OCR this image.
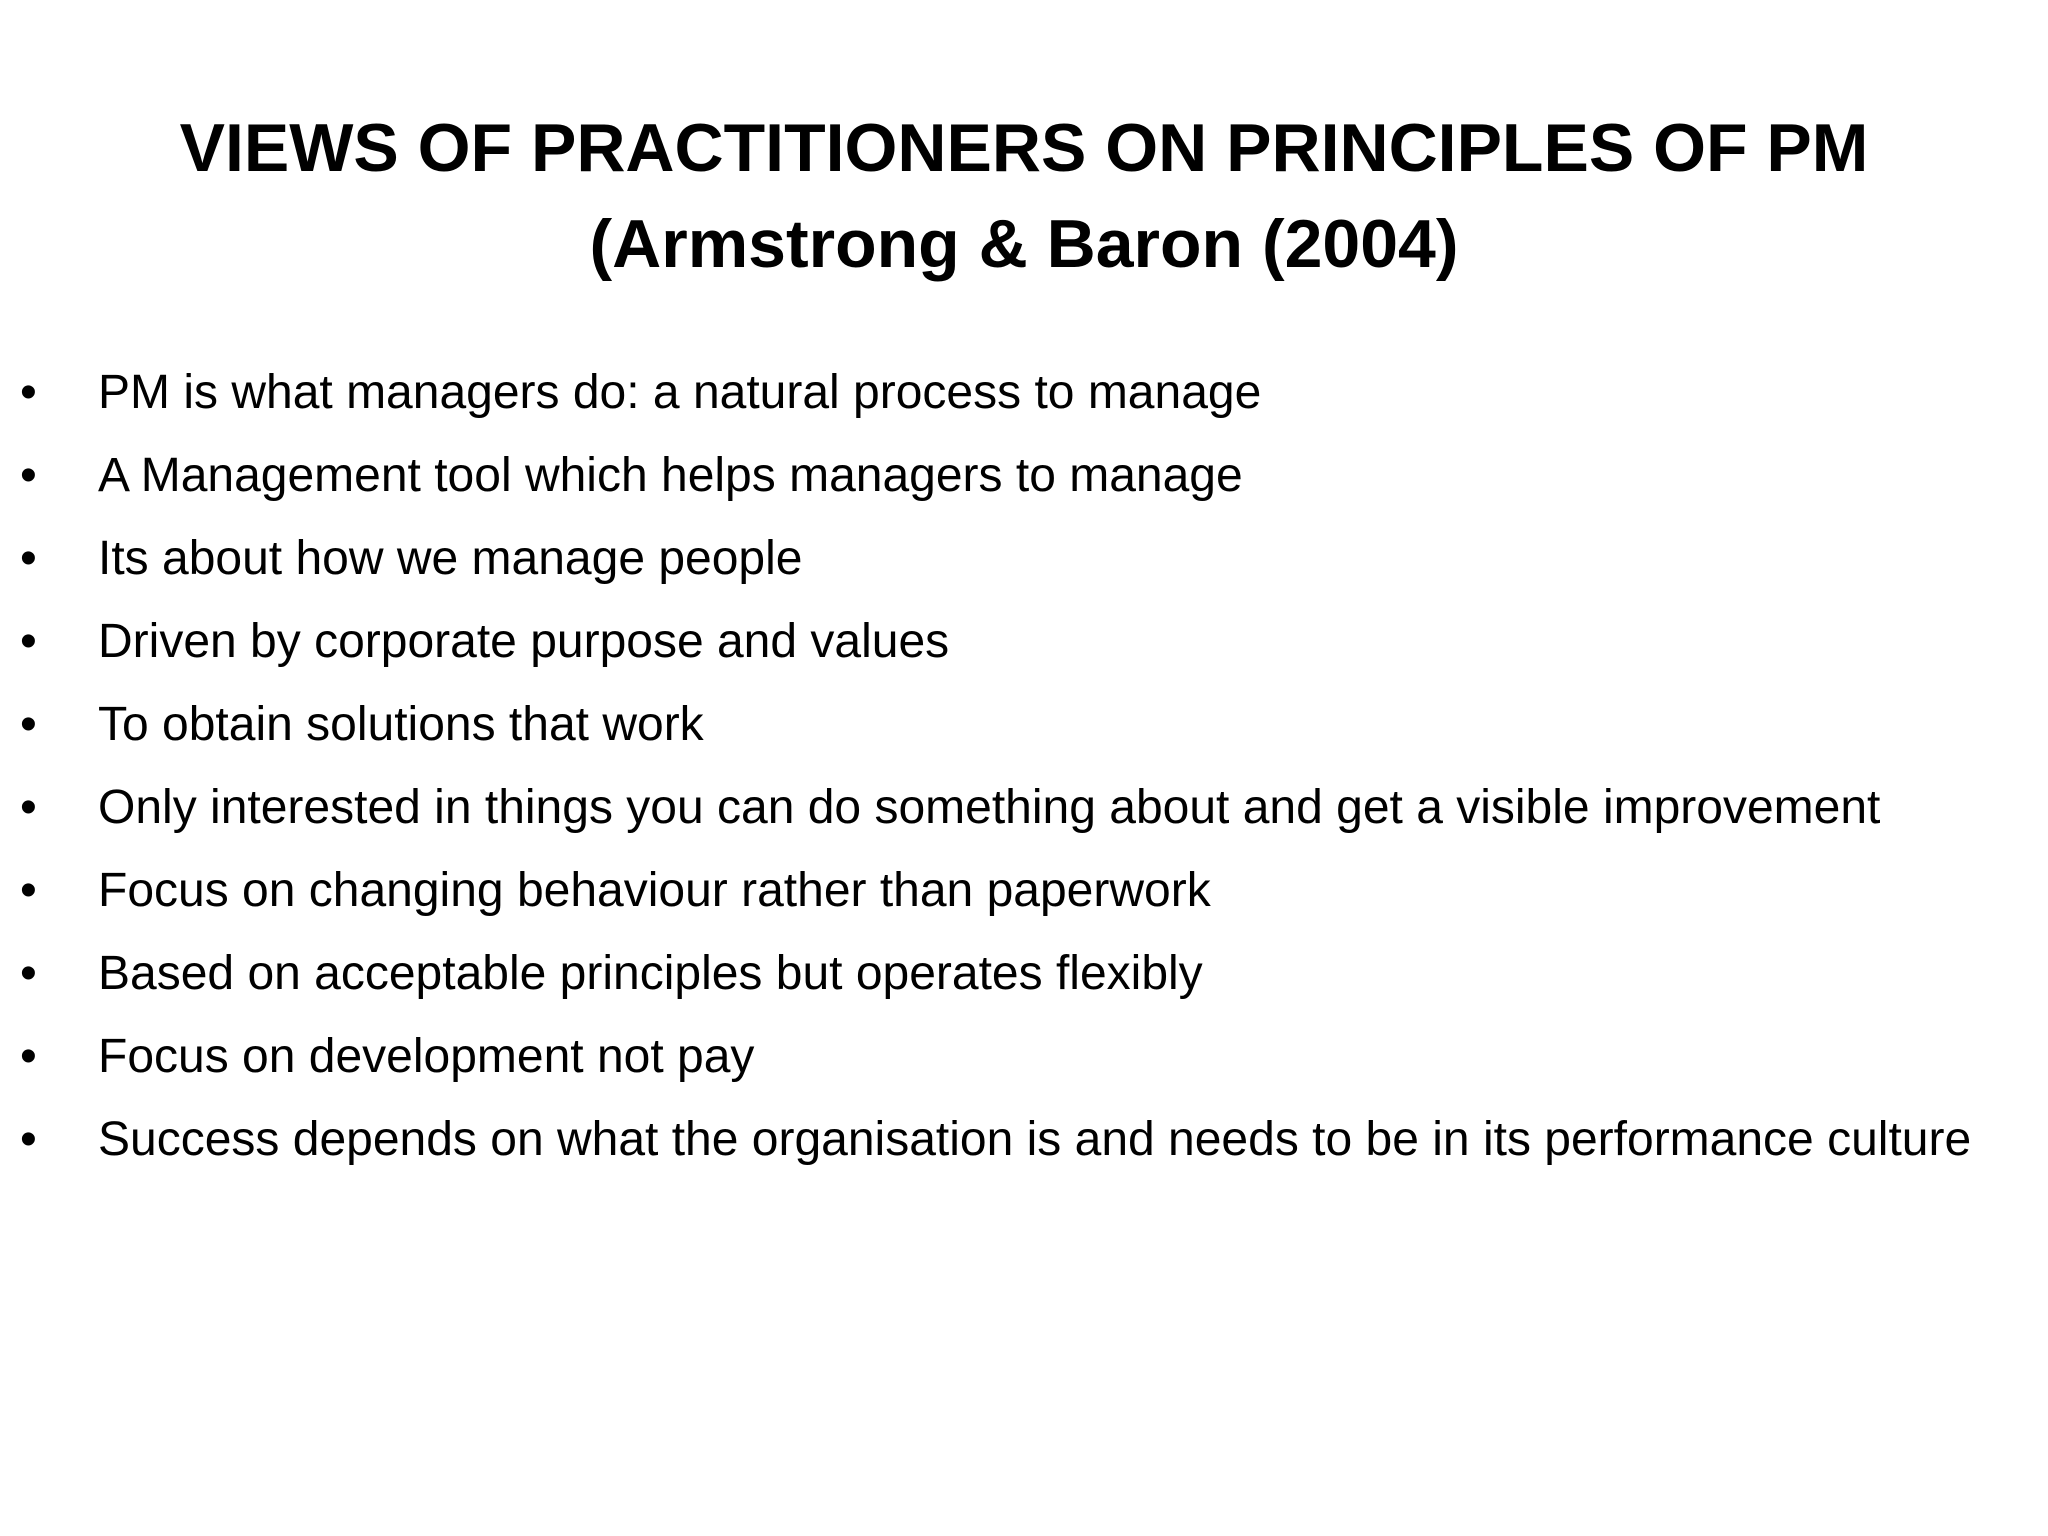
VIEWS OF PRACTITIONERS ON PRINCIPLES OF PM
(Armstrong & Baron (2004)
• PM is what managers do: a natural process to manage
• A Management tool which helps managers to manage
• Its about how we manage people
• Driven by corporate purpose and values
• To obtain solutions that work
• Only interested in things you can do something about and get a visible improvement
• Focus on changing behaviour rather than paperwork
• Based on acceptable principles but operates flexibly
• Focus on development not pay
• Success depends on what the organisation is and needs to be in its performance culture
